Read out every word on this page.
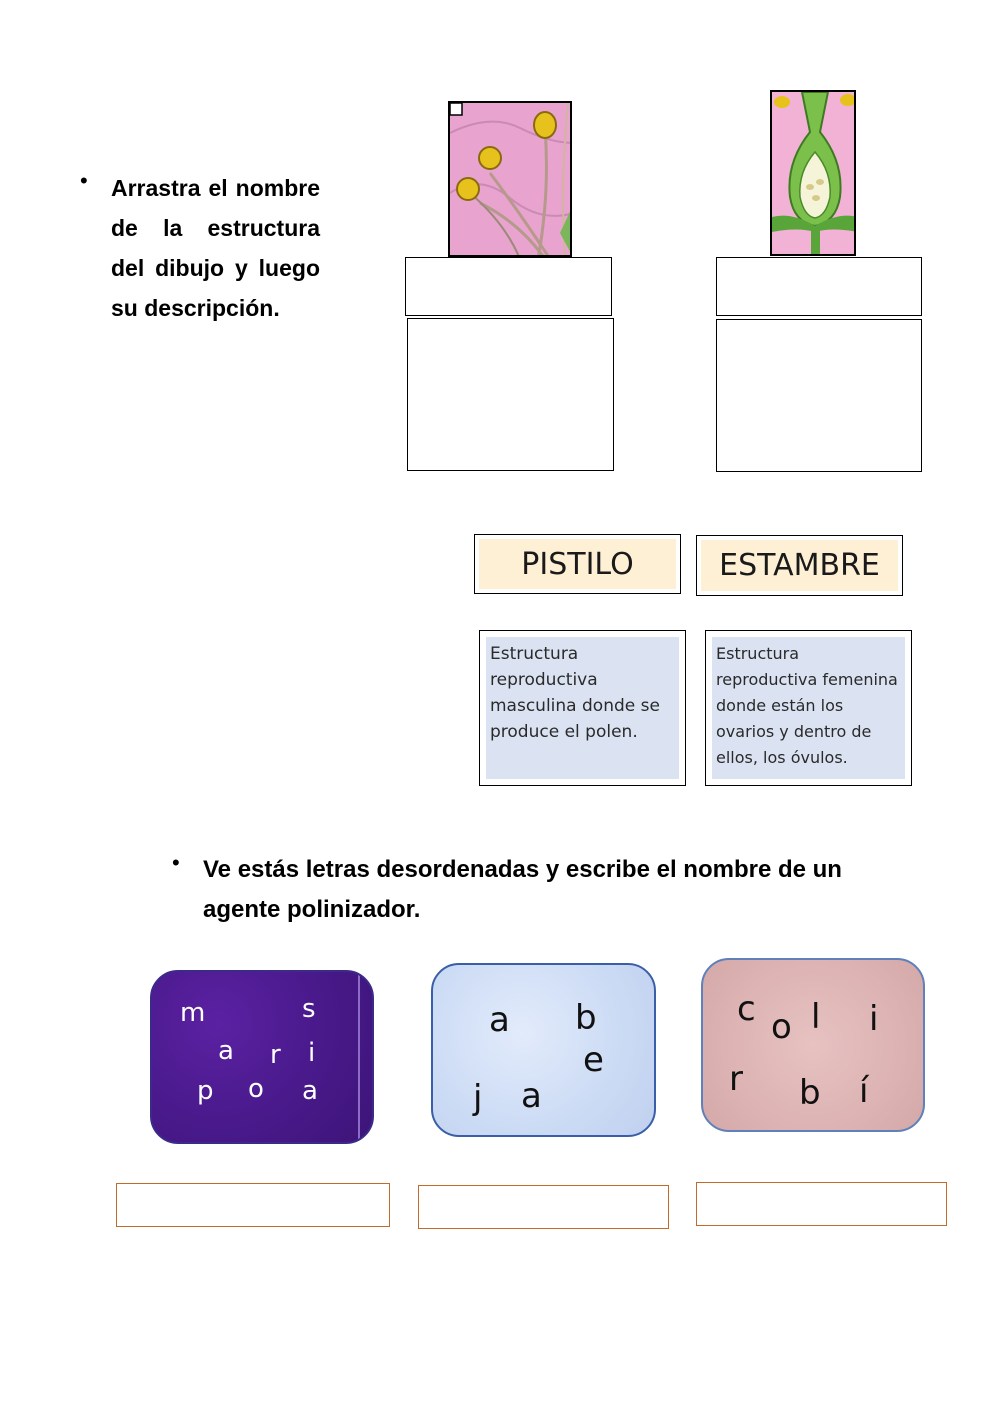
• Arrastra el nombre de la estructura del dibujo y luego su descripción.
PISTILO	ESTAMBRE
Estructura reproductiva masculina donde se produce el polen.
Estructura reproductiva femenina donde están los ovarios y dentro de ellos, los óvulos.
• Ve estás letras desordenadas y escribe el nombre de un agente polinizador.
m	s
a r i
p o a
a b
e
j a
c o l i
r b í
